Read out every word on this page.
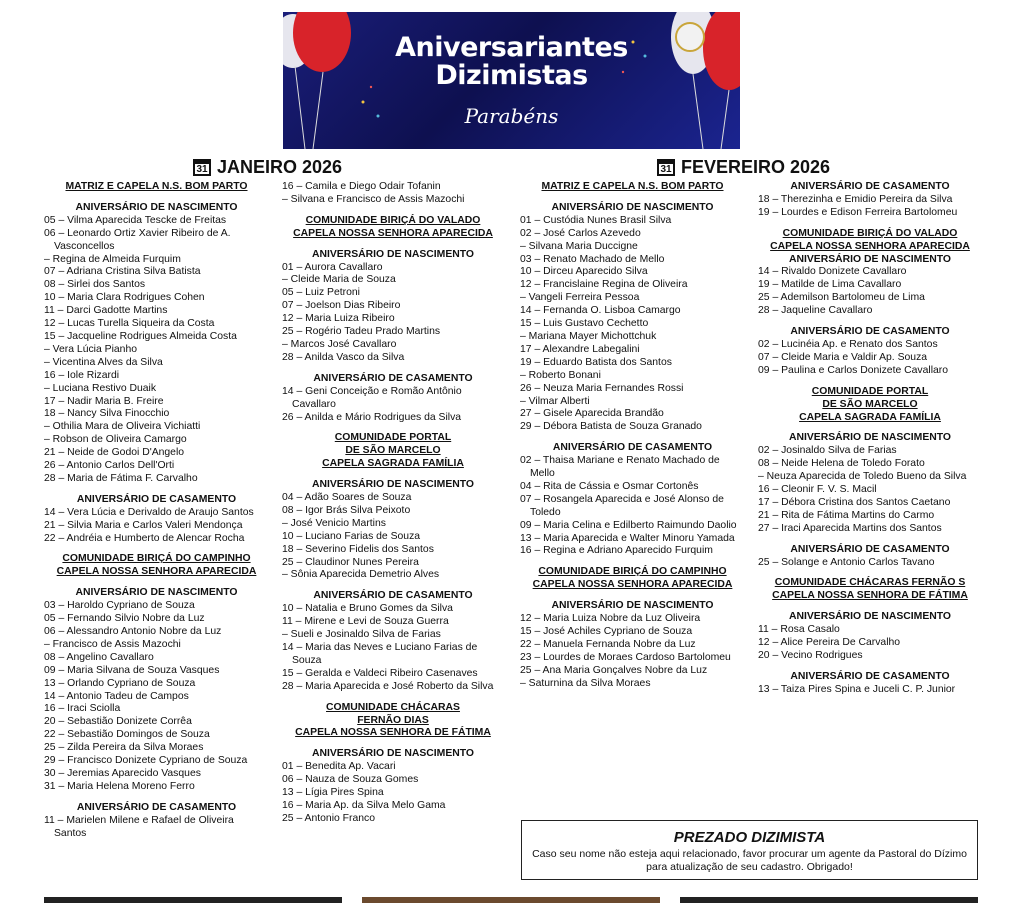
Aniversariantes
Dizimistas
Parabéns
31 JANEIRO 2026	31 FEVEREIRO 2026
MATRIZ E CAPELA N.S. BOM PARTO
ANIVERSÁRIO DE NASCIMENTO
05 – Vilma Aparecida Tescke de Freitas
06 – Leonardo Ortiz Xavier Ribeiro de A. Vasconcellos
– Regina de Almeida Furquim
07 – Adriana Cristina Silva Batista
08 – Sirlei dos Santos
10 – Maria Clara Rodrigues Cohen
11 – Darci Gadotte Martins
12 – Lucas Turella Siqueira da Costa
15 – Jacqueline Rodrigues Almeida Costa
– Vera Lúcia Pianho
– Vicentina Alves da Silva
16 – Iole Rizardi
– Luciana Restivo Duaik
17 – Nadir Maria B. Freire
18 – Nancy Silva Finocchio
– Othilia Mara de Oliveira Vichiatti
– Robson de Oliveira Camargo
21 – Neide de Godoi D'Angelo
26 – Antonio Carlos Dell'Orti
28 – Maria de Fátima F. Carvalho
ANIVERSÁRIO DE CASAMENTO
14 – Vera Lúcia e Derivaldo de Araujo Santos
21 – Silvia Maria e Carlos Valeri Mendonça
22 – Andréia e Humberto de Alencar Rocha
COMUNIDADE BIRIÇÁ DO CAMPINHO
CAPELA NOSSA SENHORA APARECIDA
ANIVERSÁRIO DE NASCIMENTO
03 – Haroldo Cypriano de Souza
05 – Fernando Silvio Nobre da Luz
06 – Alessandro Antonio Nobre da Luz
– Francisco de Assis Mazochi
08 – Angelino Cavallaro
09 – Maria Silvana de Souza Vasques
13 – Orlando Cypriano de Souza
14 – Antonio Tadeu de Campos
16 – Iraci Sciolla
20 – Sebastião Donizete Corrêa
22 – Sebastião Domingos de Souza
25 – Zilda Pereira da Silva Moraes
29 – Francisco Donizete Cypriano de Souza
30 – Jeremias Aparecido Vasques
31 – Maria Helena Moreno Ferro
ANIVERSÁRIO DE CASAMENTO
11 – Marielen Milene e Rafael de Oliveira Santos
16 – Camila e Diego Odair Tofanin
– Silvana e Francisco de Assis Mazochi
COMUNIDADE BIRIÇÁ DO VALADO
CAPELA NOSSA SENHORA APARECIDA
ANIVERSÁRIO DE NASCIMENTO
01 – Aurora Cavallaro
– Cleide Maria de Souza
05 – Luiz Petroni
07 – Joelson Dias Ribeiro
12 – Maria Luiza Ribeiro
25 – Rogério Tadeu Prado Martins
– Marcos José Cavallaro
28 – Anilda Vasco da Silva
ANIVERSÁRIO DE CASAMENTO
14 – Geni Conceição e Romão Antônio Cavallaro
26 – Anilda e Mário Rodrigues da Silva
COMUNIDADE PORTAL
DE SÃO MARCELO
CAPELA SAGRADA FAMÍLIA
ANIVERSÁRIO DE NASCIMENTO
04 – Adão Soares de Souza
08 – Igor Brás Silva Peixoto
– José Venicio Martins
10 – Luciano Farias de Souza
18 – Severino Fidelis dos Santos
25 – Claudinor Nunes Pereira
– Sônia Aparecida Demetrio Alves
ANIVERSÁRIO DE CASAMENTO
10 – Natalia e Bruno Gomes da Silva
11 – Mirene e Levi de Souza Guerra
– Sueli e Josinaldo Silva de Farias
14 – Maria das Neves e Luciano Farias de Souza
15 – Geralda e Valdeci Ribeiro Casenaves
28 – Maria Aparecida e José Roberto da Silva
COMUNIDADE CHÁCARAS
FERNÃO DIAS
CAPELA NOSSA SENHORA DE FÁTIMA
ANIVERSÁRIO DE NASCIMENTO
01 – Benedita Ap. Vacari
06 – Nauza de Souza Gomes
13 – Lígia Pires Spina
16 – Maria Ap. da Silva Melo Gama
25 – Antonio Franco
MATRIZ E CAPELA N.S. BOM PARTO
ANIVERSÁRIO DE NASCIMENTO
01 – Custódia Nunes Brasil Silva
02 – José Carlos Azevedo
– Silvana Maria Duccigne
03 – Renato Machado de Mello
10 – Dirceu Aparecido Silva
12 – Francislaine Regina de Oliveira
– Vangeli Ferreira Pessoa
14 – Fernanda O. Lisboa Camargo
15 – Luis Gustavo Cechetto
– Mariana Mayer Michottchuk
17 – Alexandre Labegalini
19 – Eduardo Batista dos Santos
– Roberto Bonani
26 – Neuza Maria Fernandes Rossi
– Vilmar Alberti
27 – Gisele Aparecida Brandão
29 – Débora Batista de Souza Granado
ANIVERSÁRIO DE CASAMENTO
02 – Thaisa Mariane e Renato Machado de Mello
04 – Rita de Cássia e Osmar Cortonês
07 – Rosangela Aparecida e José Alonso de Toledo
09 – Maria Celina e Edilberto Raimundo Daolio
13 – Maria Aparecida e Walter Minoru Yamada
16 – Regina e Adriano Aparecido Furquim
COMUNIDADE BIRIÇÁ DO CAMPINHO
CAPELA NOSSA SENHORA APARECIDA
ANIVERSÁRIO DE NASCIMENTO
12 – Maria Luiza Nobre da Luz Oliveira
15 – José Achiles Cypriano de Souza
22 – Manuela Fernanda Nobre da Luz
23 – Lourdes de Moraes Cardoso Bartolomeu
25 – Ana Maria Gonçalves Nobre da Luz
– Saturnina da Silva Moraes
ANIVERSÁRIO DE CASAMENTO
18 – Therezinha e Emidio Pereira da Silva
19 – Lourdes e Edison Ferreira Bartolomeu
COMUNIDADE BIRIÇÁ DO VALADO
CAPELA NOSSA SENHORA APARECIDA
ANIVERSÁRIO DE NASCIMENTO
14 – Rivaldo Donizete Cavallaro
19 – Matilde de Lima Cavallaro
25 – Ademilson Bartolomeu de Lima
28 – Jaqueline Cavallaro
ANIVERSÁRIO DE CASAMENTO
02 – Lucinéia Ap. e Renato dos Santos
07 – Cleide Maria e Valdir Ap. Souza
09 – Paulina e Carlos Donizete Cavallaro
COMUNIDADE PORTAL
DE SÃO MARCELO
CAPELA SAGRADA FAMÍLIA
ANIVERSÁRIO DE NASCIMENTO
02 – Josinaldo Silva de Farias
08 – Neide Helena de Toledo Forato
– Neuza Aparecida de Toledo Bueno da Silva
16 – Cleonir F. V. S. Macil
17 – Débora Cristina dos Santos Caetano
21 – Rita de Fátima Martins do Carmo
27 – Iraci Aparecida Martins dos Santos
ANIVERSÁRIO DE CASAMENTO
25 – Solange e Antonio Carlos Tavano
COMUNIDADE CHÁCARAS FERNÃO S
CAPELA NOSSA SENHORA DE FÁTIMA
ANIVERSÁRIO DE NASCIMENTO
11 – Rosa Casalo
12 – Alice Pereira De Carvalho
20 – Vecino Rodrigues
ANIVERSÁRIO DE CASAMENTO
13 – Taiza Pires Spina e Juceli C. P. Junior
PREZADO DIZIMISTA
Caso seu nome não esteja aqui relacionado, favor procurar um agente da Pastoral do Dízimo para atualização de seu cadastro. Obrigado!
